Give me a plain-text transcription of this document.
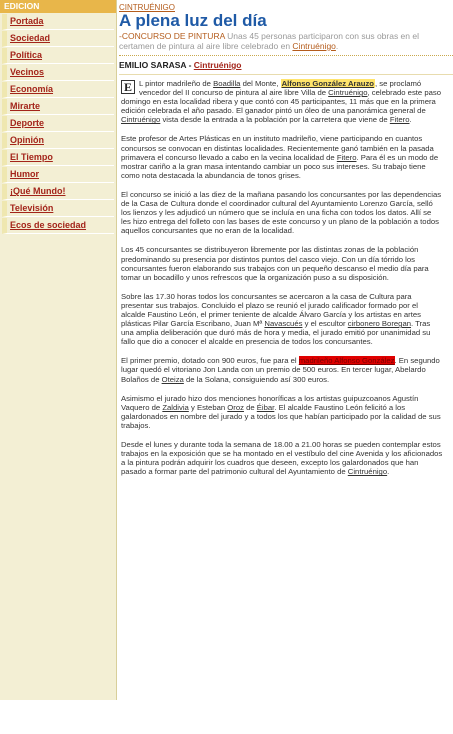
EDICION
Portada
Sociedad
Política
Vecinos
Economía
Mirarte
Deporte
Opinión
El Tiempo
Humor
¡Qué Mundo!
Televisión
Ecos de sociedad
CINTRUÉNIGO
A plena luz del día
-CONCURSO DE PINTURA Unas 45 personas participaron con sus obras en el certamen de pintura al aire libre celebrado en Cintruénigo.
EMILIO SARASA - Cintruénigo

E L pintor madrileño de Boadilla del Monte, Alfonso González Arauzo, se proclamó vencedor del II concurso de pintura al aire libre Villa de Cintruénigo, celebrado este paso domingo en esta localidad ribera y que contó con 45 participantes, 11 más que en la primera edición celebrada el año pasado. El ganador pintó un óleo de una panorámica general de Cintruénigo vista desde la entrada a la población por la carretera que viene de Fitero.

Este profesor de Artes Plásticas en un instituto madrileño, viene participando en cuantos concursos se convocan en distintas localidades. Recientemente ganó también en la pasada primavera el concurso llevado a cabo en la vecina localidad de Fitero. Para él es un modo de mostrar cariño a la gran masa intentando cambiar un poco sus intereses. Su trabajo tiene como nota destacada la abundancia de tonos grises.

El concurso se inició a las diez de la mañana pasando los concursantes por las dependencias de la Casa de Cultura donde el coordinador cultural del Ayuntamiento Lorenzo García, selló los lienzos y les adjudicó un número que se incluía en una ficha con todos los datos. Allí se les hizo entrega del folleto con las bases de este concurso y un plano de la población a todos aquellos concursantes que no eran de la localidad.

Los 45 concursantes se distribuyeron libremente por las distintas zonas de la población predominando su presencia por distintos puntos del casco viejo. Con un día tórrido los concursantes fueron elaborando sus trabajos con un pequeño descanso el medio día para tomar un bocadillo y unos refrescos que la organización puso a su disposición.

Sobre las 17.30 horas todos los concursantes se acercaron a la casa de Cultura para presentar sus trabajos. Concluido el plazo se reunió el jurado calificador formado por el alcalde Faustino León, el primer teniente de alcalde Álvaro García y los artistas en artes plásticas Pilar García Escribano, Juan Mª Navascués y el escultor cirbonero Boregan. Tras una amplia deliberación que duró más de hora y media, el jurado emitió por unanimidad su fallo que dio a conocer el alcalde en presencia de todos los concursantes.

El primer premio, dotado con 900 euros, fue para el madrileño Alfonso González. En segundo lugar quedó el vitoriano Jon Landa con un premio de 500 euros. En tercer lugar, Abelardo Bolaños de Oteiza de la Solana, consiguiendo así 300 euros.

Asimismo el jurado hizo dos menciones honoríficas a los artistas guipuzcoanos Agustín Vaquero de Zaldivia y Esteban Oroz de Éibar. El alcalde Faustino León felicitó a los galardonados en nombre del jurado y a todos los que habían participado por la calidad de sus trabajos.

Desde el lunes y durante toda la semana de 18.00 a 21.00 horas se pueden contemplar estos trabajos en la exposición que se ha montado en el vestíbulo del cine Avenida y los aficionados a la pintura podrán adquirir los cuadros que deseen, excepto los galardonados que han pasado a formar parte del patrimonio cultural del Ayuntamiento de Cintruénigo.
